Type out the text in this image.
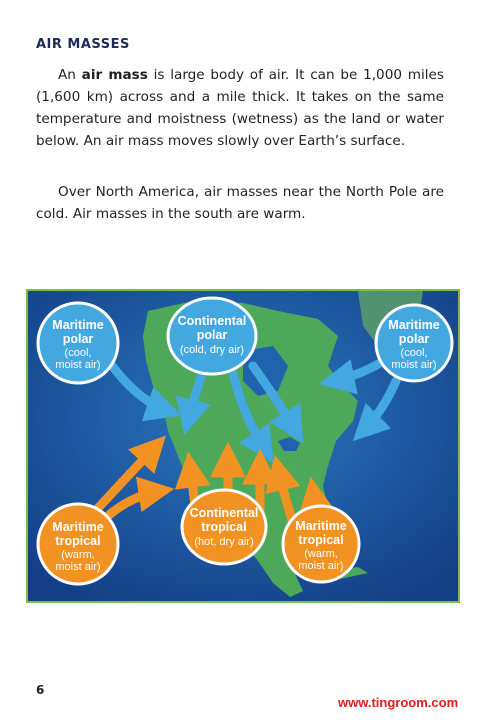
AIR MASSES
An air mass is large body of air. It can be 1,000 miles (1,600 km) across and a mile thick. It takes on the same temperature and moistness (wetness) as the land or water below. An air mass moves slowly over Earth’s surface.
Over North America, air masses near the North Pole are cold. Air masses in the south are warm.
Maritime
polar
(cool,
moist air)
Continental
polar
(cold, dry air)
Maritime
polar
(cool,
moist air)
Maritime
tropical
(warm,
moist air)
Continental
tropical
(hot, dry air)
Maritime
tropical
(warm,
moist air)
6
www.tingroom.com
